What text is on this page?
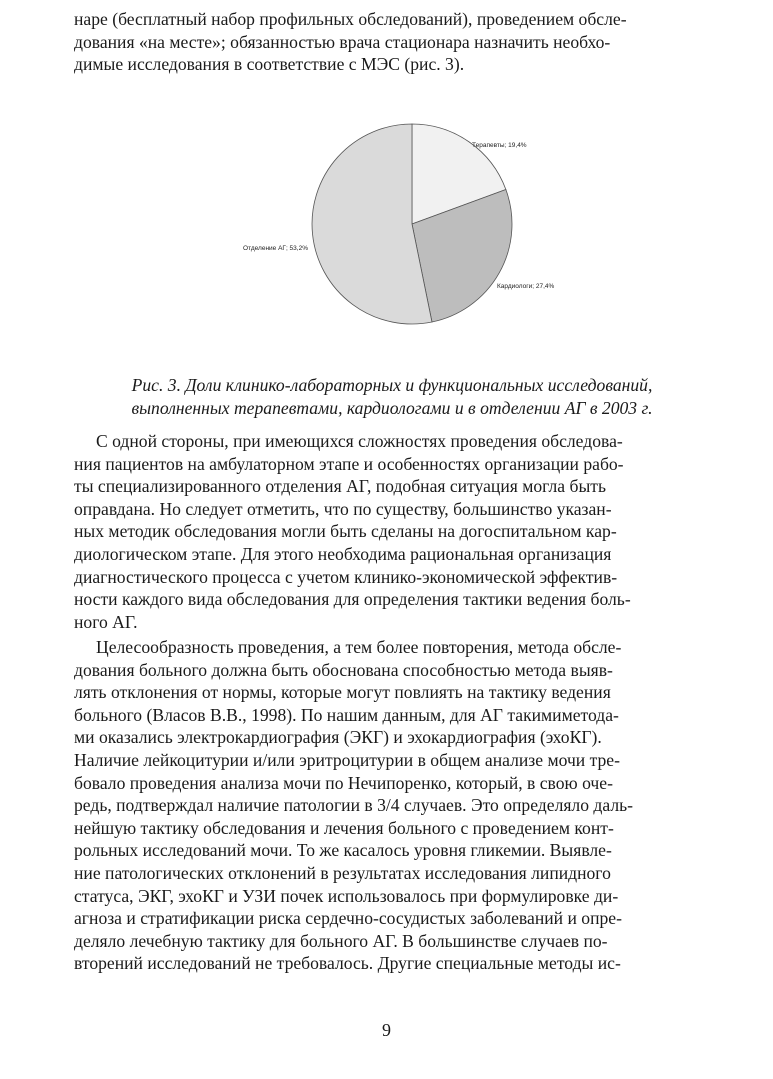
наре (бесплатный набор профильных обследований), проведением обсле-
дования «на месте»; обязанностью врача стационара назначить необхо-
димые исследования в соответствие с МЭС (рис. 3).

Терапевты; 19,4%
Кардиологи; 27,4%
Отделение АГ; 53,2%
Рис. 3. Доли клинико-лабораторных и функциональных исследований,
выполненных терапевтами, кардиологами и в отделении АГ в 2003 г.

С одной стороны, при имеющихся сложностях проведения обследова-
ния пациентов на амбулаторном этапе и особенностях организации рабо-
ты специализированного отделения АГ, подобная ситуация могла быть
оправдана. Но следует отметить, что по существу, большинство указан-
ных методик обследования могли быть сделаны на догоспитальном кар-
диологическом этапе. Для этого необходима рациональная организация
диагностического процесса с учетом клинико-экономической эффектив-
ности каждого вида обследования для определения тактики ведения боль-
ного АГ.

Целесообразность проведения, а тем более повторения, метода обсле-
дования больного должна быть обоснована способностью метода выяв-
лять отклонения от нормы, которые могут повлиять на тактику ведения
больного (Власов В.В., 1998). По нашим данным, для АГ такимиметода-
ми оказались электрокардиография (ЭКГ) и эхокардиография (эхоКГ).
Наличие лейкоцитурии и/или эритроцитурии в общем анализе мочи тре-
бовало проведения анализа мочи по Нечипоренко, который, в свою оче-
редь, подтверждал наличие патологии в 3/4 случаев. Это определяло даль-
нейшую тактику обследования и лечения больного с проведением конт-
рольных исследований мочи. То же касалось уровня гликемии. Выявле-
ние патологических отклонений в результатах исследования липидного
статуса, ЭКГ, эхоКГ и УЗИ почек использовалось при формулировке ди-
агноза и стратификации риска сердечно-сосудистых заболеваний и опре-
деляло лечебную тактику для больного АГ. В большинстве случаев по-
вторений исследований не требовалось. Другие специальные методы ис-

9
